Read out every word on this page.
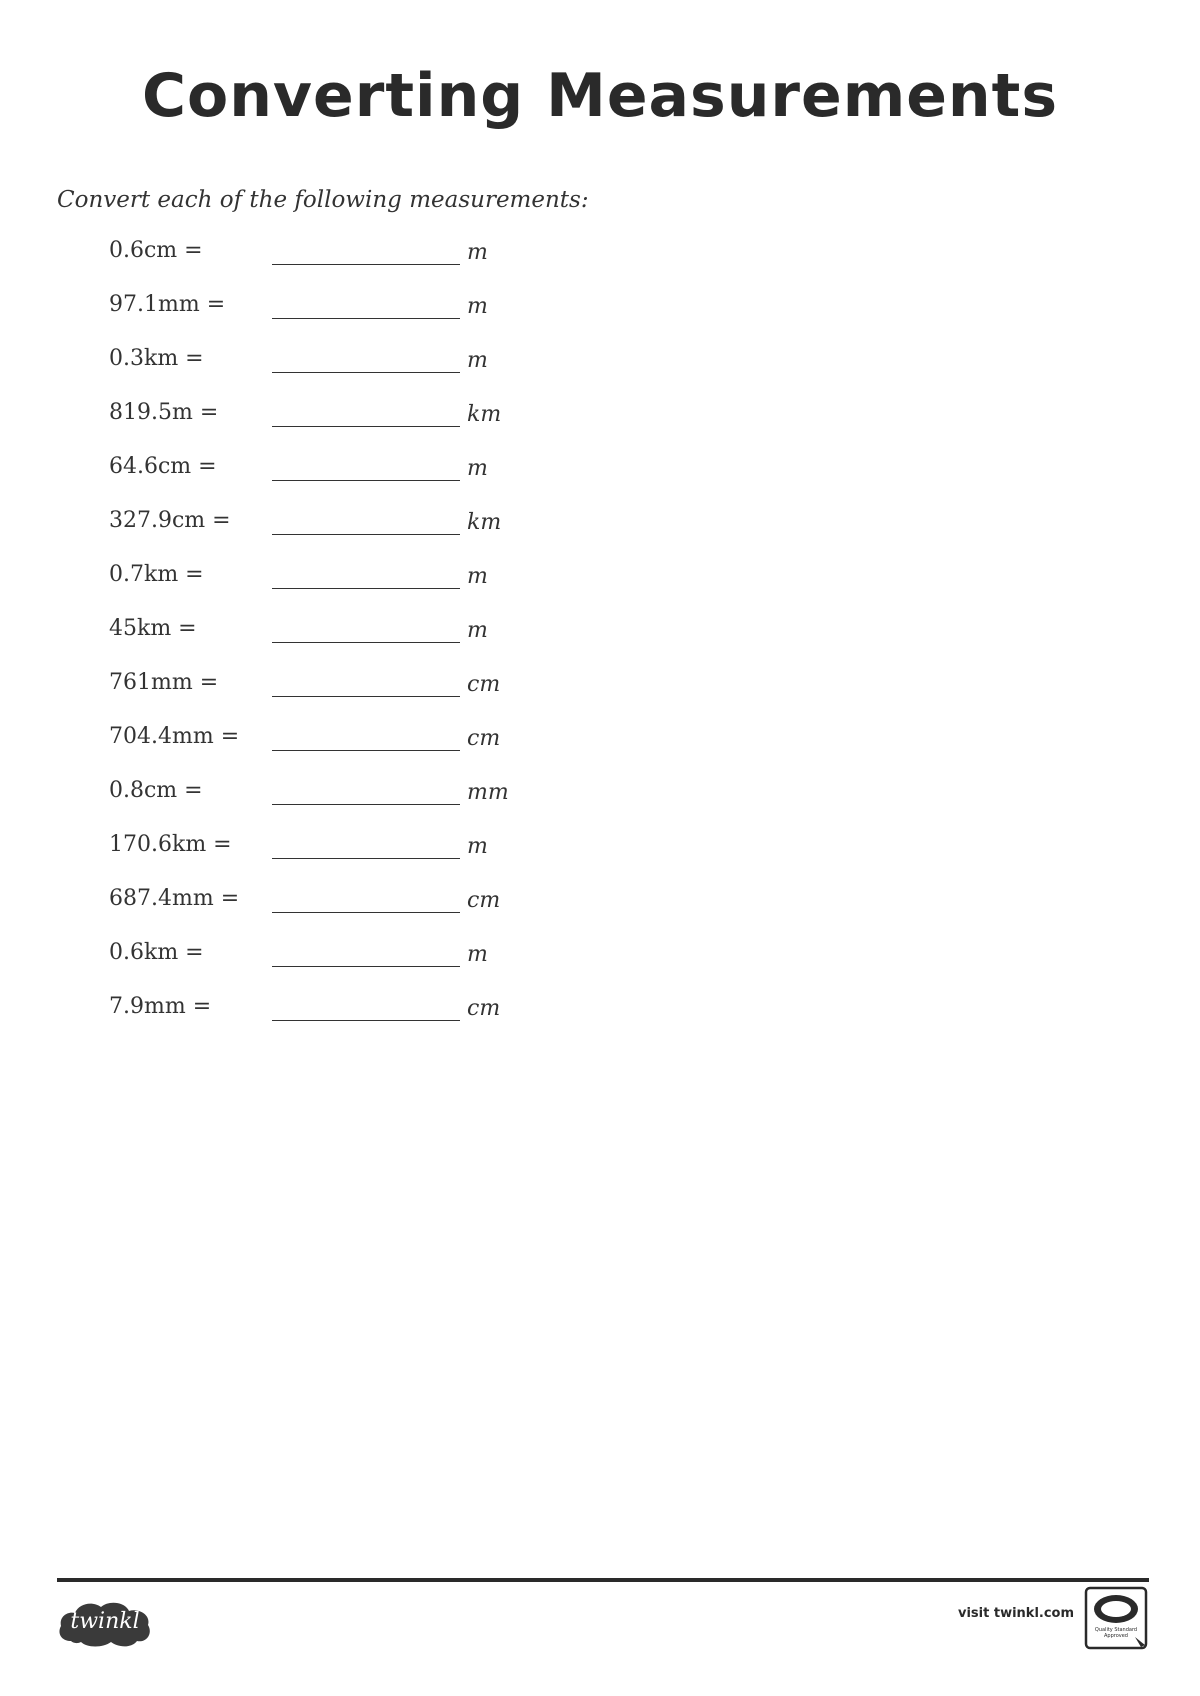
Converting Measurements
Convert each of the following measurements:
0.6cm =	m
97.1mm =	m
0.3km =	m
819.5m =	km
64.6cm =	m
327.9cm =	km
0.7km =	m
45km =	m
761mm =	cm
704.4mm =	cm
0.8cm =	mm
170.6km =	m
687.4mm =	cm
0.6km =	m
7.9mm =	cm
twinkl	visit twinkl.com
Quality Standard Approved
